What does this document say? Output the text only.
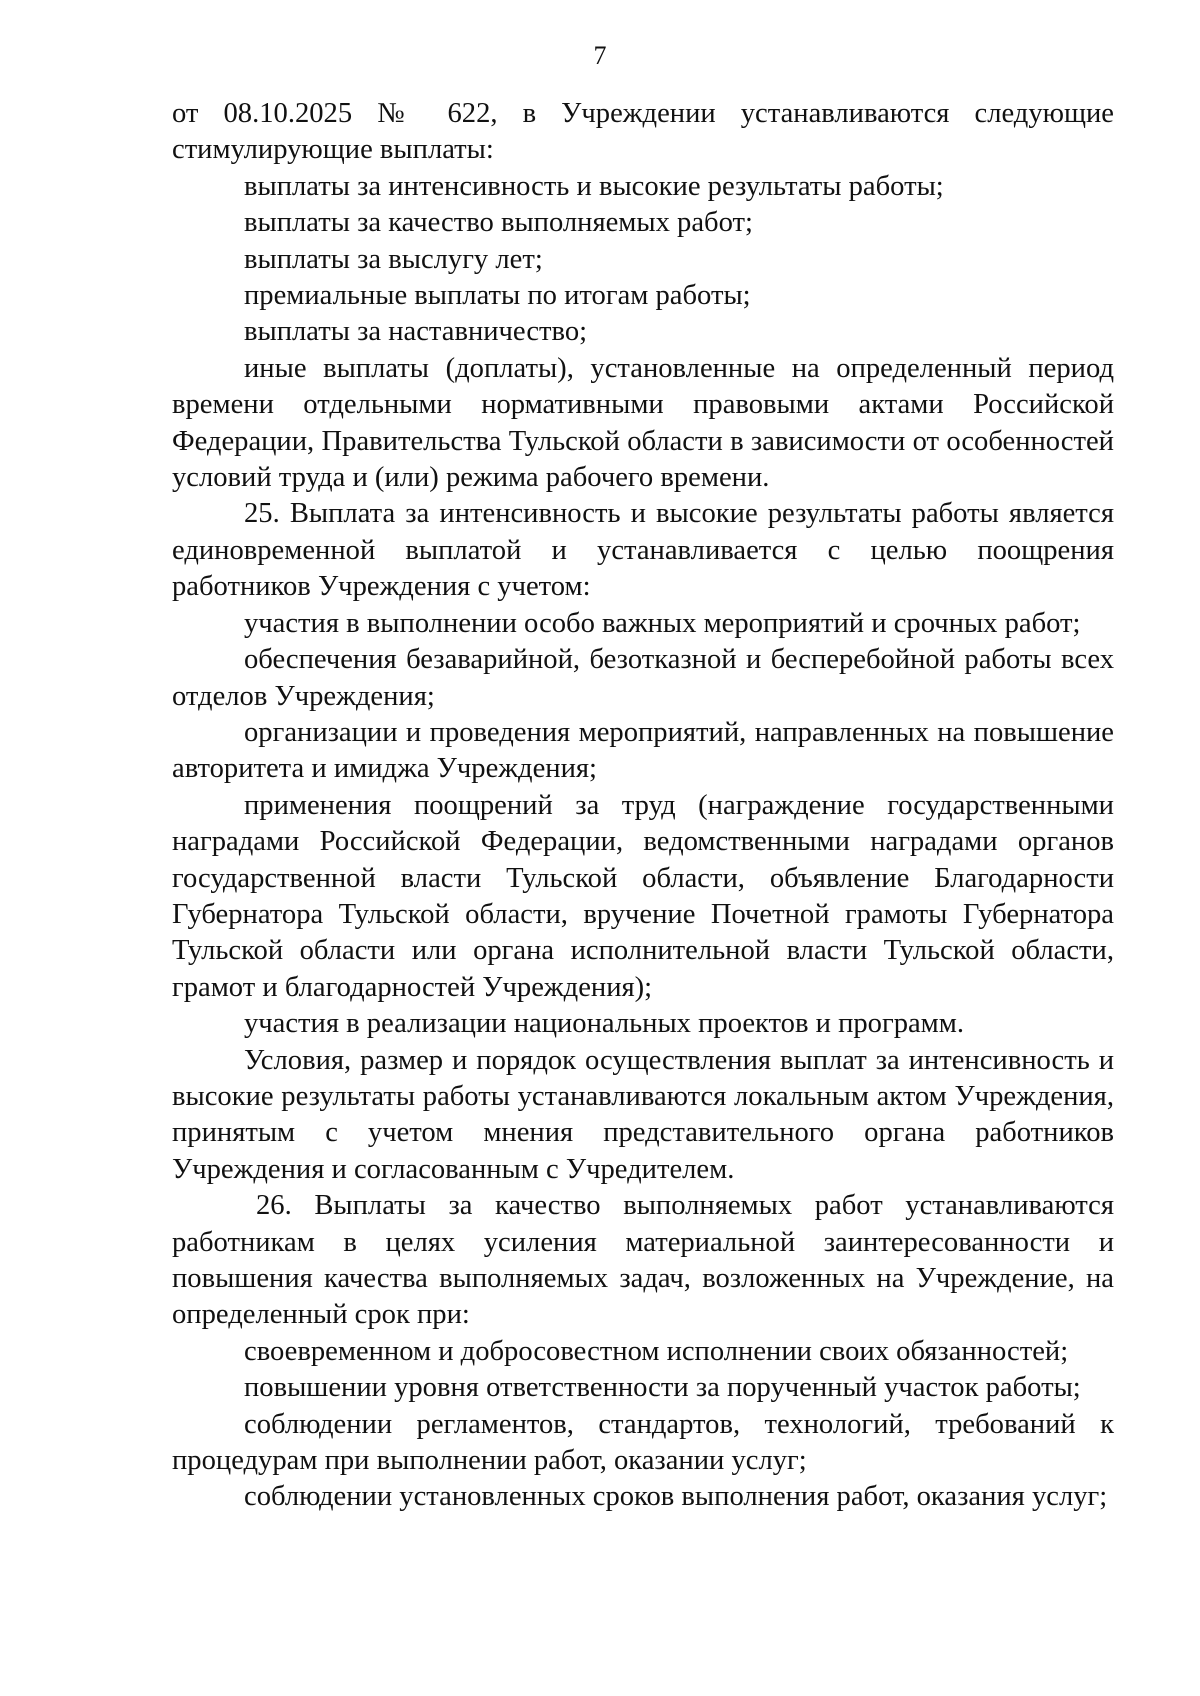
7

от 08.10.2025 № 622, в Учреждении устанавливаются следующие стимулирующие выплаты:

выплаты за интенсивность и высокие результаты работы;

выплаты за качество выполняемых работ;

выплаты за выслугу лет;

премиальные выплаты по итогам работы;

выплаты за наставничество;

иные выплаты (доплаты), установленные на определенный период времени отдельными нормативными правовыми актами Российской Федерации, Правительства Тульской области в зависимости от особенностей условий труда и (или) режима рабочего времени.

25. Выплата за интенсивность и высокие результаты работы является единовременной выплатой и устанавливается с целью поощрения работников Учреждения с учетом:

участия в выполнении особо важных мероприятий и срочных работ;

обеспечения безаварийной, безотказной и бесперебойной работы всех отделов Учреждения;

организации и проведения мероприятий, направленных на повышение авторитета и имиджа Учреждения;

применения поощрений за труд (награждение государственными наградами Российской Федерации, ведомственными наградами органов государственной власти Тульской области, объявление Благодарности Губернатора Тульской области, вручение Почетной грамоты Губернатора Тульской области или органа исполнительной власти Тульской области, грамот и благодарностей Учреждения);

участия в реализации национальных проектов и программ.

Условия, размер и порядок осуществления выплат за интенсивность и высокие результаты работы устанавливаются локальным актом Учреждения, принятым с учетом мнения представительного органа работников Учреждения и согласованным с Учредителем.

26. Выплаты за качество выполняемых работ устанавливаются работникам в целях усиления материальной заинтересованности и повышения качества выполняемых задач, возложенных на Учреждение, на определенный срок при:

своевременном и добросовестном исполнении своих обязанностей;

повышении уровня ответственности за порученный участок работы;

соблюдении регламентов, стандартов, технологий, требований к процедурам при выполнении работ, оказании услуг;

соблюдении установленных сроков выполнения работ, оказания услуг;
